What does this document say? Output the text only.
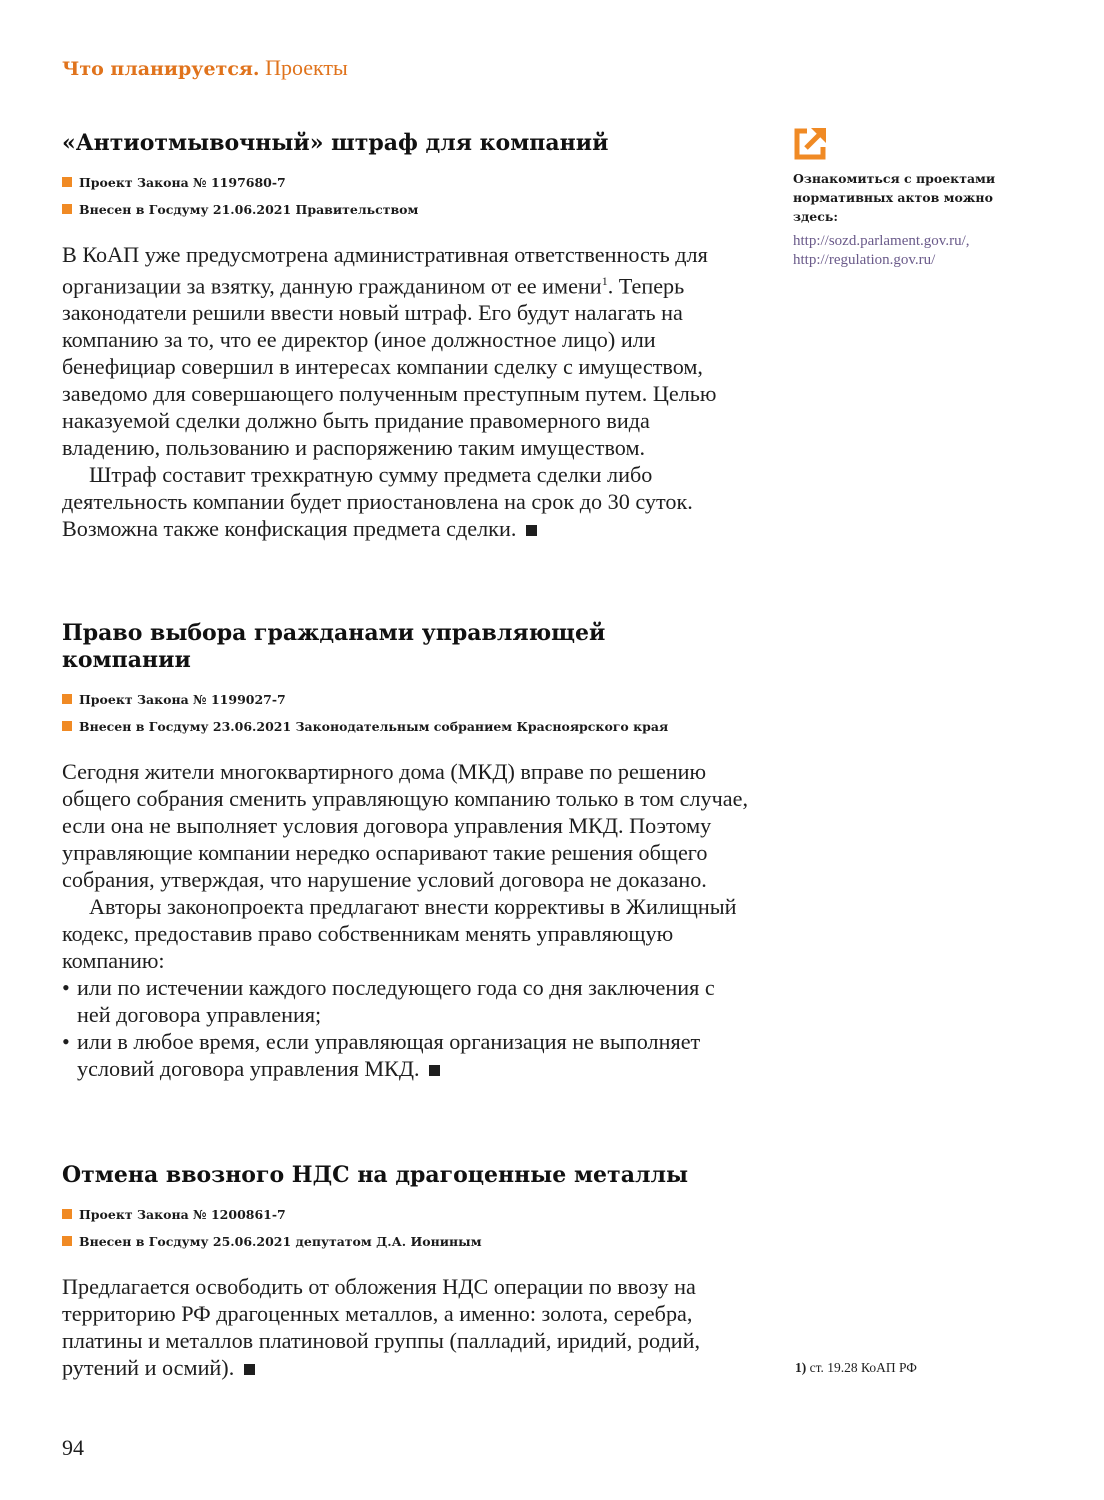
Что планируется. Проекты
«Антиотмывочный» штраф для компаний
Проект Закона № 1197680-7
Внесен в Госдуму 21.06.2021 Правительством

В КоАП уже предусмотрена административная ответственность для организации за взятку, данную гражданином от ее имени$^1$. Теперь законодатели решили ввести новый штраф. Его будут налагать на компанию за то, что ее директор (иное должностное лицо) или бенефициар совершил в интересах компании сделку с имуществом, заведомо для совершающего полученным преступным путем. Целью наказуемой сделки должно быть придание правомерного вида владению, пользованию и распоряжению таким имуществом.

Штраф составит трехкратную сумму предмета сделки либо деятельность компании будет приостановлена на срок до 30 суток. Возможна также конфискация предмета сделки.

Право выбора гражданами управляющей компании
Проект Закона № 1199027-7
Внесен в Госдуму 23.06.2021 Законодательным собранием Красноярского края

Сегодня жители многоквартирного дома (МКД) вправе по решению общего собрания сменить управляющую компанию только в том случае, если она не выполняет условия договора управления МКД. Поэтому управляющие компании нередко оспаривают такие решения общего собрания, утверждая, что нарушение условий договора не доказано.

Авторы законопроекта предлагают внести коррективы в Жилищный кодекс, предоставив право собственникам менять управляющую компанию:

• или по истечении каждого последующего года со дня заключения с ней договора управления;
• или в любое время, если управляющая организация не выполняет условий договора управления МКД.
Отмена ввозного НДС на драгоценные металлы
Проект Закона № 1200861-7
Внесен в Госдуму 25.06.2021 депутатом Д.А. Иониным

Предлагается освободить от обложения НДС операции по ввозу на территорию РФ драгоценных металлов, а именно: золота, серебра, платины и металлов платиновой группы (палладий, иридий, родий, рутений и осмий).

Ознакомиться с проектами нормативных актов можно здесь:
http://sozd.parlament.gov.ru/,
http://regulation.gov.ru/
1) ст. 19.28 КоАП РФ
94
